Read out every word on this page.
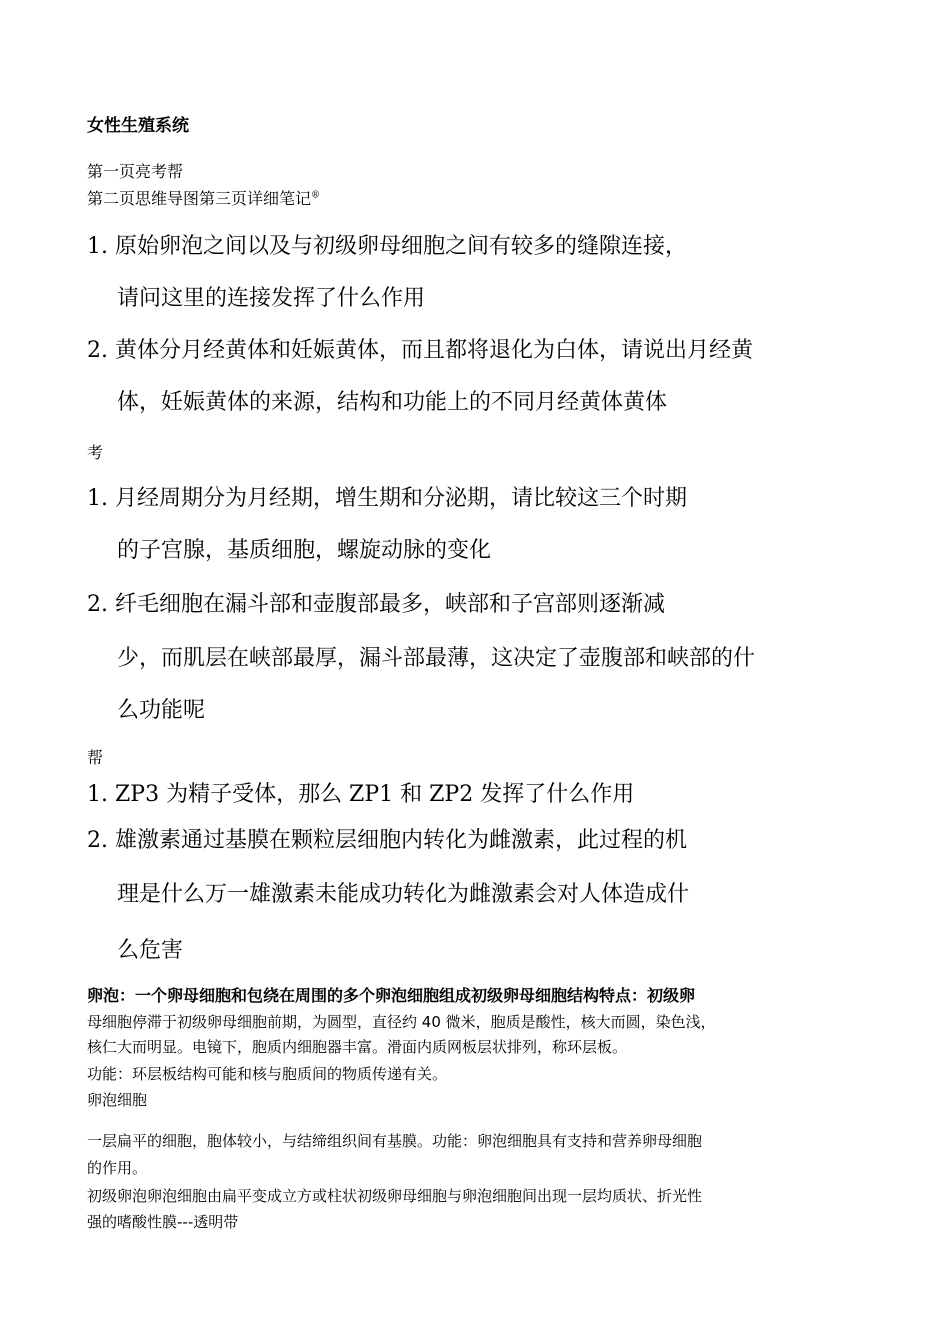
女性生殖系统

第一页亮考帮

第二页思维导图第三页详细笔记®

1. 原始卵泡之间以及与初级卵母细胞之间有较多的缝隙连接，

请问这里的连接发挥了什么作用

2. 黄体分月经黄体和妊娠黄体，而且都将退化为白体，请说出月经黄

体，妊娠黄体的来源，结构和功能上的不同月经黄体黄体

考

1. 月经周期分为月经期，增生期和分泌期，请比较这三个时期

的子宫腺，基质细胞，螺旋动脉的变化

2. 纤毛细胞在漏斗部和壶腹部最多，峡部和子宫部则逐渐减

少，而肌层在峡部最厚，漏斗部最薄，这决定了壶腹部和峡部的什

么功能呢

帮

1. ZP3 为精子受体，那么 ZP1 和 ZP2 发挥了什么作用

2. 雄激素通过基膜在颗粒层细胞内转化为雌激素，此过程的机

理是什么万一雄激素未能成功转化为雌激素会对人体造成什

么危害

卵泡：一个卵母细胞和包绕在周围的多个卵泡细胞组成初级卵母细胞结构特点：初级卵

母细胞停滞于初级卵母细胞前期，为圆型，直径约 40 微米，胞质是酸性，核大而圆，染色浅，

核仁大而明显。电镜下，胞质内细胞器丰富。滑面内质网板层状排列，称环层板。

功能：环层板结构可能和核与胞质间的物质传递有关。

卵泡细胞

一层扁平的细胞，胞体较小，与结缔组织间有基膜。功能：卵泡细胞具有支持和营养卵母细胞

的作用。

初级卵泡卵泡细胞由扁平变成立方或柱状初级卵母细胞与卵泡细胞间出现一层均质状、折光性

强的嗜酸性膜---透明带
